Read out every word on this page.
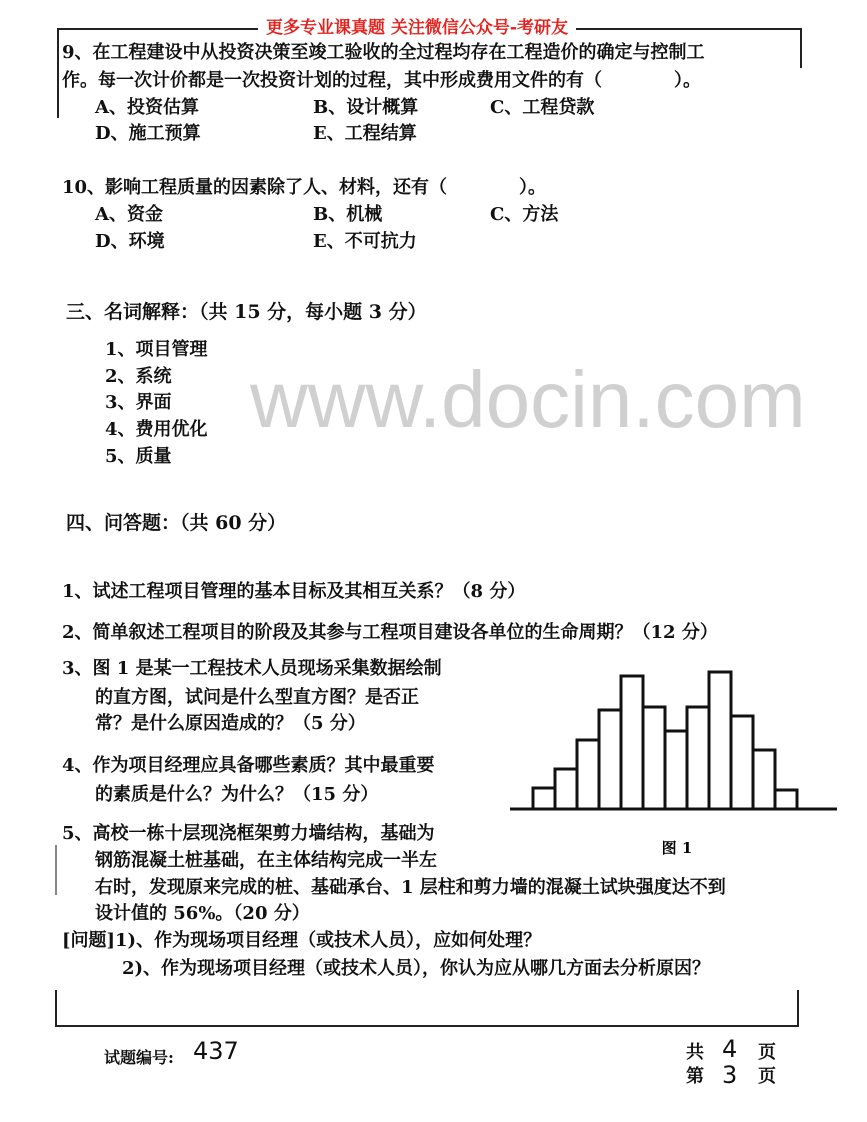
更多专业课真题 关注微信公众号-考研友
www.docin.com
9、在工程建设中从投资决策至竣工验收的全过程均存在工程造价的确定与控制工
作。每一次计价都是一次投资计划的过程，其中形成费用文件的有（　　　　）。
A、投资估算	B、设计概算	C、工程贷款
D、施工预算	E、工程结算
10、影响工程质量的因素除了人、材料，还有（　　　　）。
A、资金	B、机械	C、方法
D、环境	E、不可抗力
三、名词解释：（共 15 分，每小题 3 分）
1、项目管理
2、系统
3、界面
4、费用优化
5、质量
四、问答题：（共 60 分）
1、试述工程项目管理的基本目标及其相互关系？（8 分）
2、简单叙述工程项目的阶段及其参与工程项目建设各单位的生命周期？（12 分）
3、图 1 是某一工程技术人员现场采集数据绘制
的直方图，试问是什么型直方图？是否正
常？是什么原因造成的？（5 分）
4、作为项目经理应具备哪些素质？其中最重要
的素质是什么？为什么？（15 分）
5、高校一栋十层现浇框架剪力墙结构，基础为
钢筋混凝土桩基础，在主体结构完成一半左
右时，发现原来完成的桩、基础承台、1 层柱和剪力墙的混凝土试块强度达不到
设计值的 56%。（20 分）
[问题]1)、作为现场项目经理（或技术人员），应如何处理？
2)、作为现场项目经理（或技术人员），你认为应从哪几方面去分析原因？
图 1
试题编号: 437	共 4 页
第 3 页
